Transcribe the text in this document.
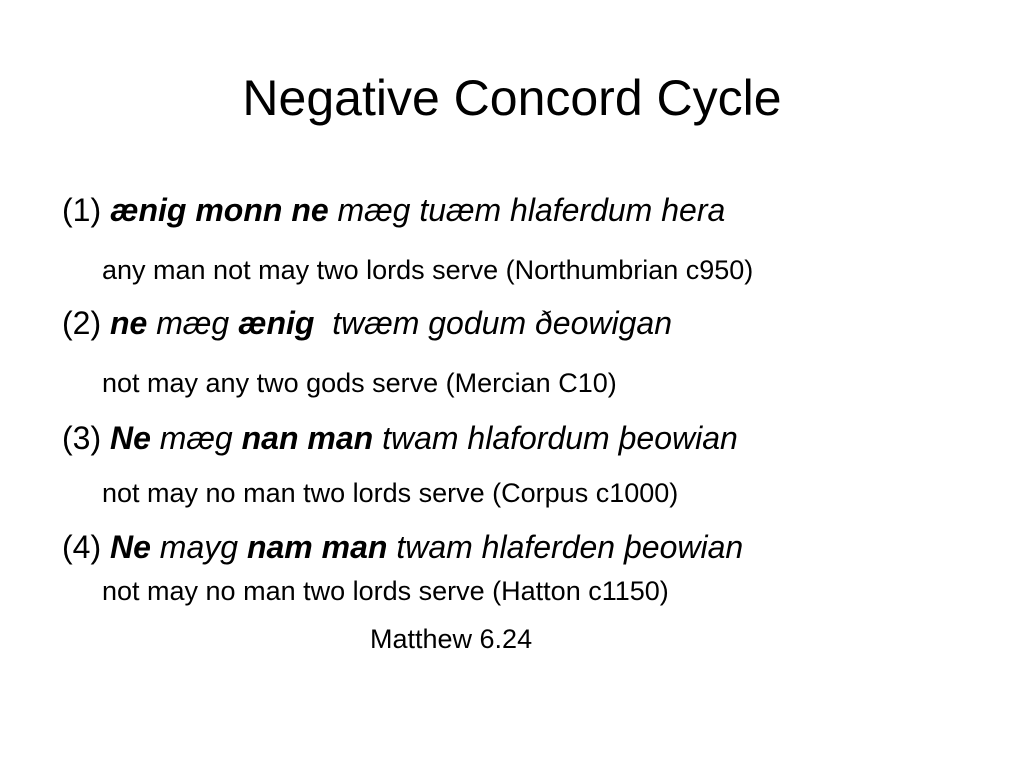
Negative Concord Cycle
(1) ænig monn ne mæg tuæm hlaferdum hera
any man not may two lords serve (Northumbrian c950)
(2) ne mæg ænig twæm godum ðeowigan
not may any two gods serve (Mercian C10)
(3) Ne mæg nan man twam hlafordum þeowian
not may no man two lords serve (Corpus c1000)
(4) Ne mayg nam man twam hlaferden þeowian
not may no man two lords serve (Hatton c1150)
Matthew 6.24
